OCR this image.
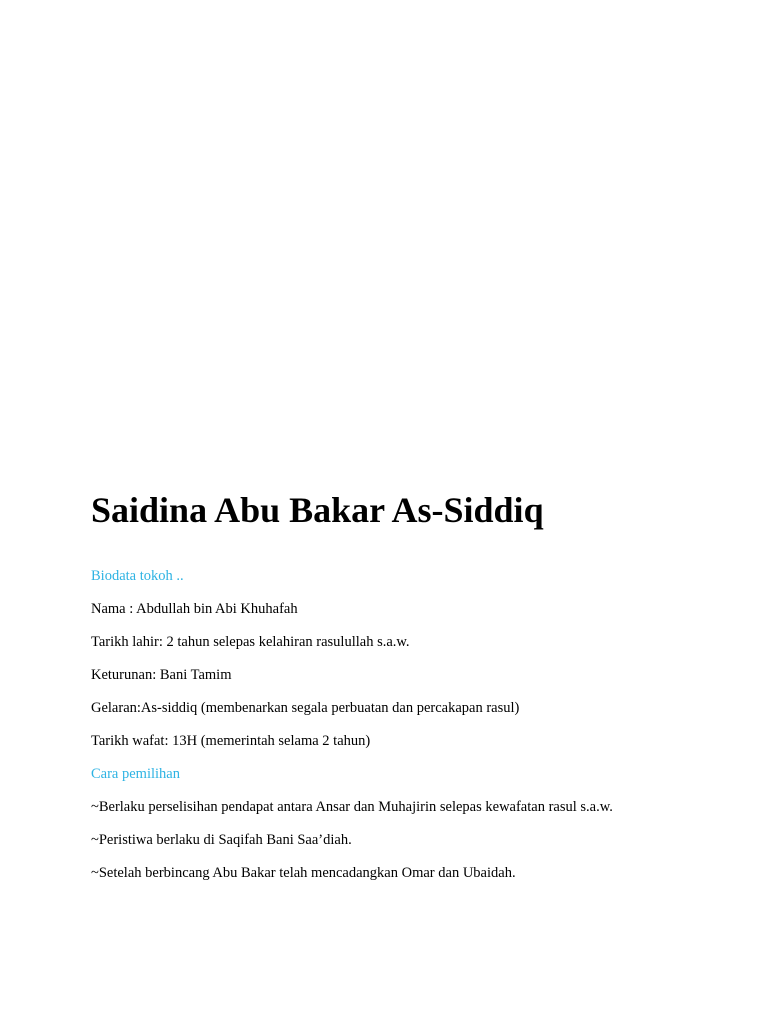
Saidina Abu Bakar As-Siddiq
Biodata tokoh ..
Nama : Abdullah bin Abi Khuhafah
Tarikh lahir: 2 tahun selepas kelahiran rasulullah s.a.w.
Keturunan: Bani Tamim
Gelaran:As-siddiq (membenarkan segala perbuatan dan percakapan rasul)
Tarikh wafat: 13H (memerintah selama 2 tahun)
Cara pemilihan
~Berlaku perselisihan pendapat antara Ansar dan Muhajirin selepas kewafatan rasul s.a.w.
~Peristiwa berlaku di Saqifah Bani Saa’diah.
~Setelah berbincang Abu Bakar telah mencadangkan Omar dan Ubaidah.
